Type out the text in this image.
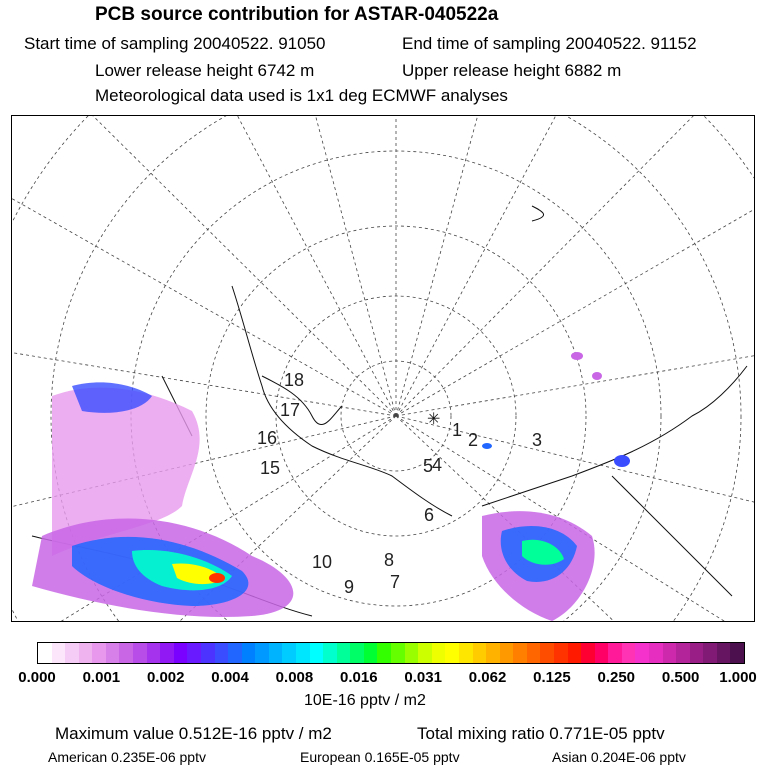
PCB source contribution for ASTAR-040522a
Start time of sampling 20040522. 91050	End time of sampling 20040522. 91152
Lower release height 6742 m	Upper release height 6882 m
Meteorological data used is 1x1 deg ECMWF analyses
18
16
15
17
1 2	3
4
5
6
10
9
8
7
✳
0.000 0.001 0.002 0.004 0.008 0.016 0.031 0.062 0.125 0.250 0.500 1.000
10E-16 pptv / m2
Maximum value 0.512E-16 pptv / m2	Total mixing ratio 0.771E-05 pptv
American 0.235E-06 pptv	European 0.165E-05 pptv	Asian 0.204E-06 pptv
